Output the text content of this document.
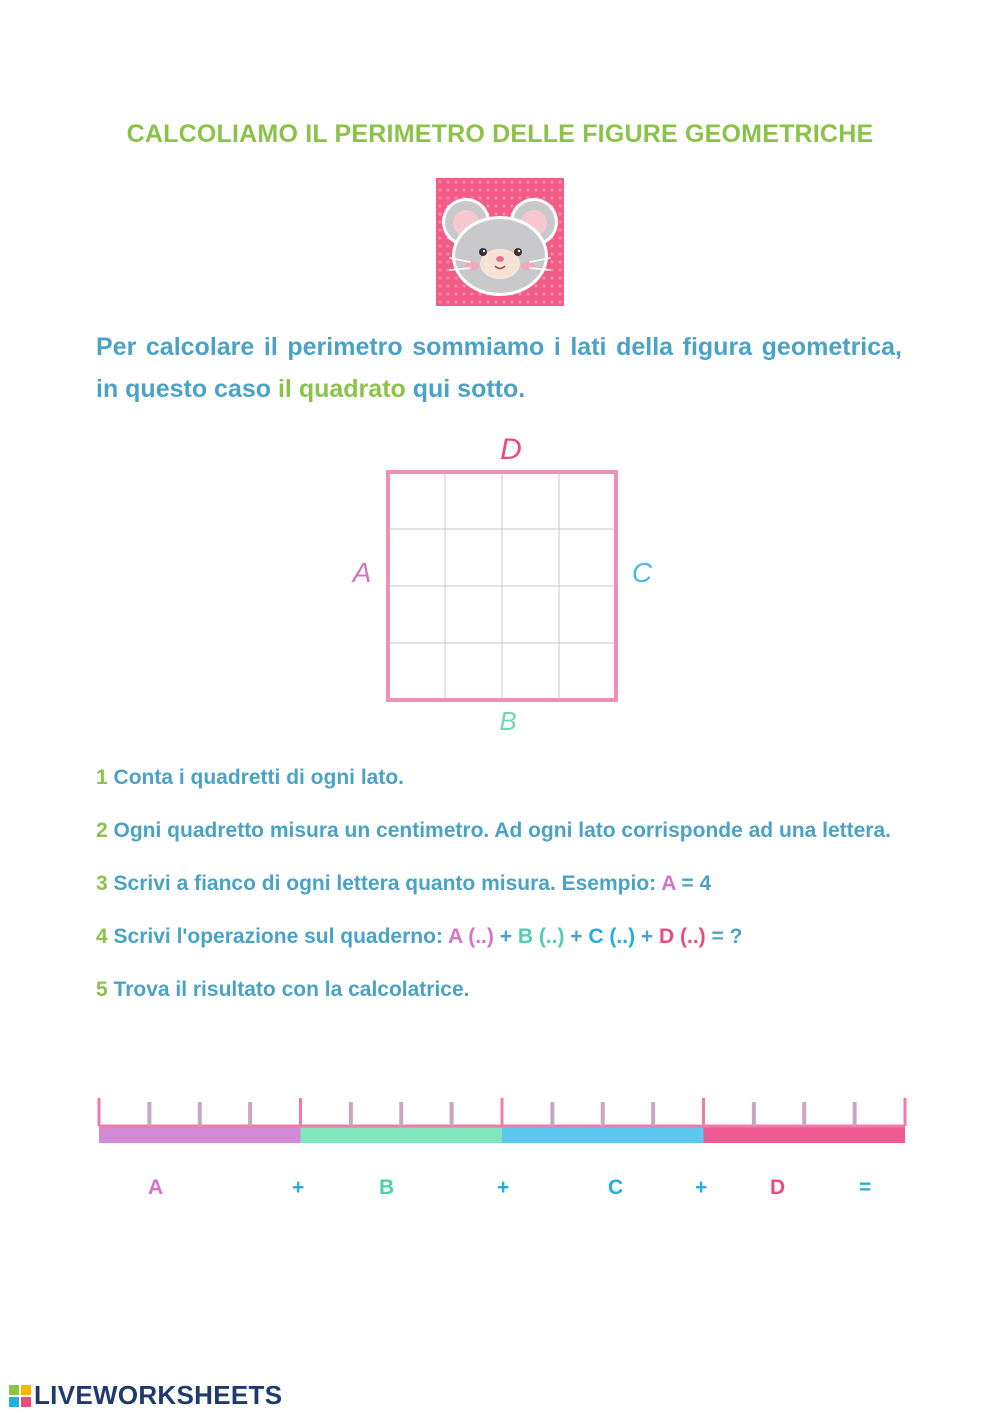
CALCOLIAMO IL PERIMETRO DELLE FIGURE GEOMETRICHE
Per calcolare il perimetro sommiamo i lati della figura geometrica, in questo caso il quadrato qui sotto.
D
A	C
B
1 Conta i quadretti di ogni lato.
2 Ogni quadretto misura un centimetro. Ad ogni lato corrisponde ad una lettera.
3 Scrivi a fianco di ogni lettera quanto misura. Esempio: A = 4
4 Scrivi l'operazione sul quaderno: A (..) + B (..) + C (..) + D (..) = ?
5 Trova il risultato con la calcolatrice.
A	+	B	+	C	+	D	=
LIVEWORKSHEETS
